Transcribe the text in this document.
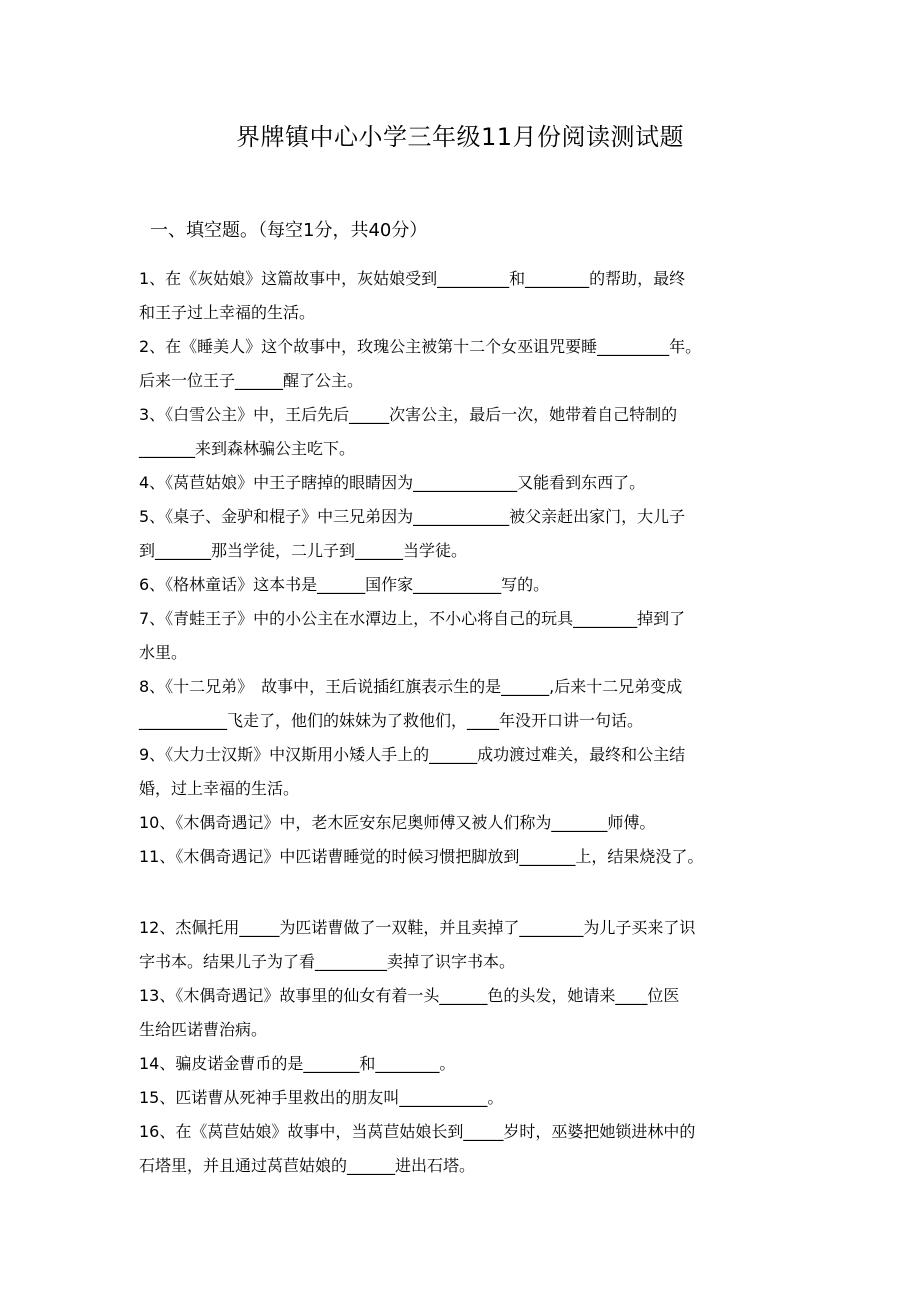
界牌镇中心小学三年级11月份阅读测试题
一、填空题。（每空1分，共40分）

1、在《灰姑娘》这篇故事中，灰姑娘受到_________和________的帮助，最终

和王子过上幸福的生活。

2、在《睡美人》这个故事中，玫瑰公主被第十二个女巫诅咒要睡_________年。

后来一位王子______醒了公主。

3、《白雪公主》中，王后先后_____次害公主，最后一次，她带着自己特制的

_______来到森林骗公主吃下。

4、《莴苣姑娘》中王子瞎掉的眼睛因为_____________又能看到东西了。

5、《桌子、金驴和棍子》中三兄弟因为____________被父亲赶出家门，大儿子

到_______那当学徒，二儿子到______当学徒。

6、《格林童话》这本书是______国作家___________写的。

7、《青蛙王子》中的小公主在水潭边上，不小心将自己的玩具________掉到了

水里。

8、《十二兄弟》　故事中，王后说插红旗表示生的是______,后来十二兄弟变成

___________飞走了，他们的妹妹为了救他们，____年没开口讲一句话。

9、《大力士汉斯》中汉斯用小矮人手上的______成功渡过难关，最终和公主结

婚，过上幸福的生活。

10、《木偶奇遇记》中，老木匠安东尼奥师傅又被人们称为_______师傅。

11、《木偶奇遇记》中匹诺曹睡觉的时候习惯把脚放到_______上，结果烧没了。

12、杰佩托用_____为匹诺曹做了一双鞋，并且卖掉了________为儿子买来了识

字书本。结果儿子为了看_________卖掉了识字书本。

13、《木偶奇遇记》故事里的仙女有着一头______色的头发，她请来____位医

生给匹诺曹治病。

14、骗皮诺金曹币的是_______和________。

15、匹诺曹从死神手里救出的朋友叫___________。

16、在《莴苣姑娘》故事中，当莴苣姑娘长到_____岁时，巫婆把她锁进林中的

石塔里，并且通过莴苣姑娘的______进出石塔。
